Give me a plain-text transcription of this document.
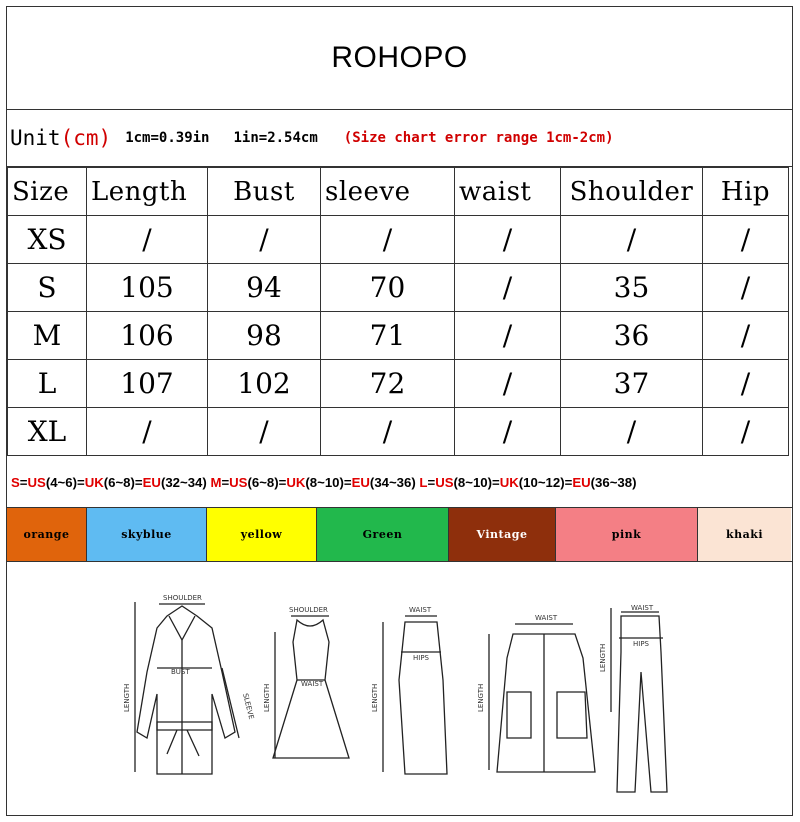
ROHOPO
Unit(cm) 1cm=0.39in 1in=2.54cm (Size chart error range 1cm-2cm)
Size	Length	Bust	sleeve	waist	Shoulder	Hip
XS	/	/	/	/	/	/
S	105	94	70	/	35	/
M	106	98	71	/	36	/
L	107	102	72	/	37	/
XL	/	/	/	/	/	/
S=US(4~6)=UK(6~8)=EU(32~34)
M=US(6~8)=UK(8~10)=EU(34~36)
L=US(8~10)=UK(10~12)=EU(36~38)
orange	skyblue	yellow	Green	Vintage	pink	khaki
SHOULDER
BUST
SLEEVE
LENGTH
SHOULDER
WAIST
LENGTH
WAIST
HIPS
LENGTH
WAIST
LENGTH
WAIST
HIPS
LENGTH
